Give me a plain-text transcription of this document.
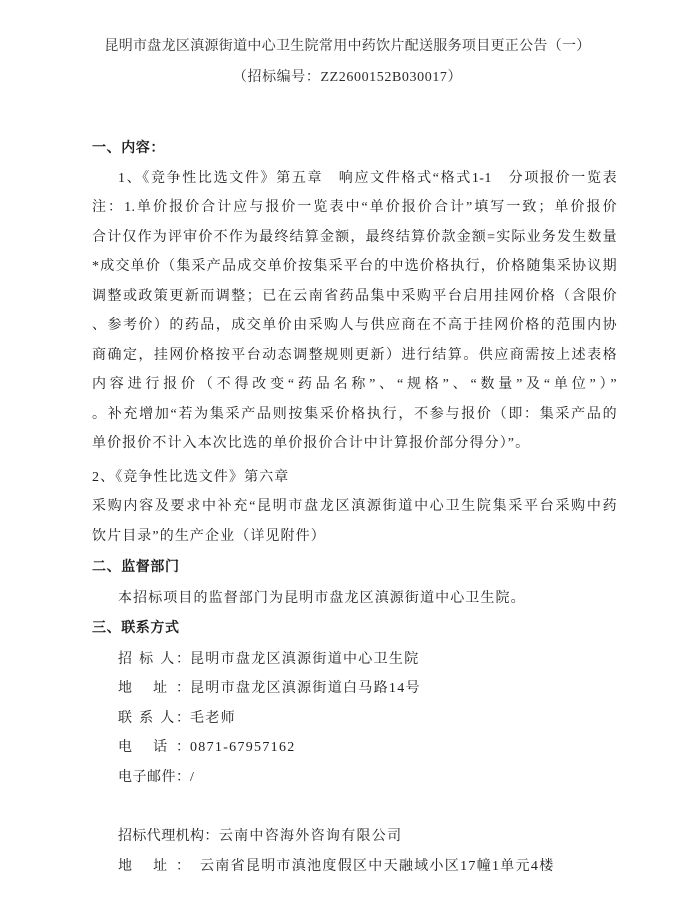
昆明市盘龙区滇源街道中心卫生院常用中药饮片配送服务项目更正公告（一）
（招标编号：ZZ2600152B030017）
一、内容：
1、《竞争性比选文件》第五章　响应文件格式“格式1-1　分项报价一览表
注：1.单价报价合计应与报价一览表中“单价报价合计”填写一致；单价报价
合计仅作为评审价不作为最终结算金额，最终结算价款金额=实际业务发生数量
*成交单价（集采产品成交单价按集采平台的中选价格执行，价格随集采协议期
调整或政策更新而调整；已在云南省药品集中采购平台启用挂网价格（含限价
、参考价）的药品，成交单价由采购人与供应商在不高于挂网价格的范围内协
商确定，挂网价格按平台动态调整规则更新）进行结算。供应商需按上述表格
内容进行报价（不得改变“药品名称”、“规格”、“数量”及“单位”）”
。补充增加“若为集采产品则按集采价格执行，不参与报价（即：集采产品的
单价报价不计入本次比选的单价报价合计中计算报价部分得分）”。
2、《竞争性比选文件》第六章
采购内容及要求中补充“昆明市盘龙区滇源街道中心卫生院集采平台采购中药
饮片目录”的生产企业（详见附件）
二、监督部门
本招标项目的监督部门为昆明市盘龙区滇源街道中心卫生院。
三、联系方式
招 标 人：昆明市盘龙区滇源街道中心卫生院
地 址：昆明市盘龙区滇源街道白马路14号
联 系 人：毛老师
电 话：0871-67957162
电子邮件：/
招标代理机构：云南中咨海外咨询有限公司
地 址： 云南省昆明市滇池度假区中天融域小区17幢1单元4楼
